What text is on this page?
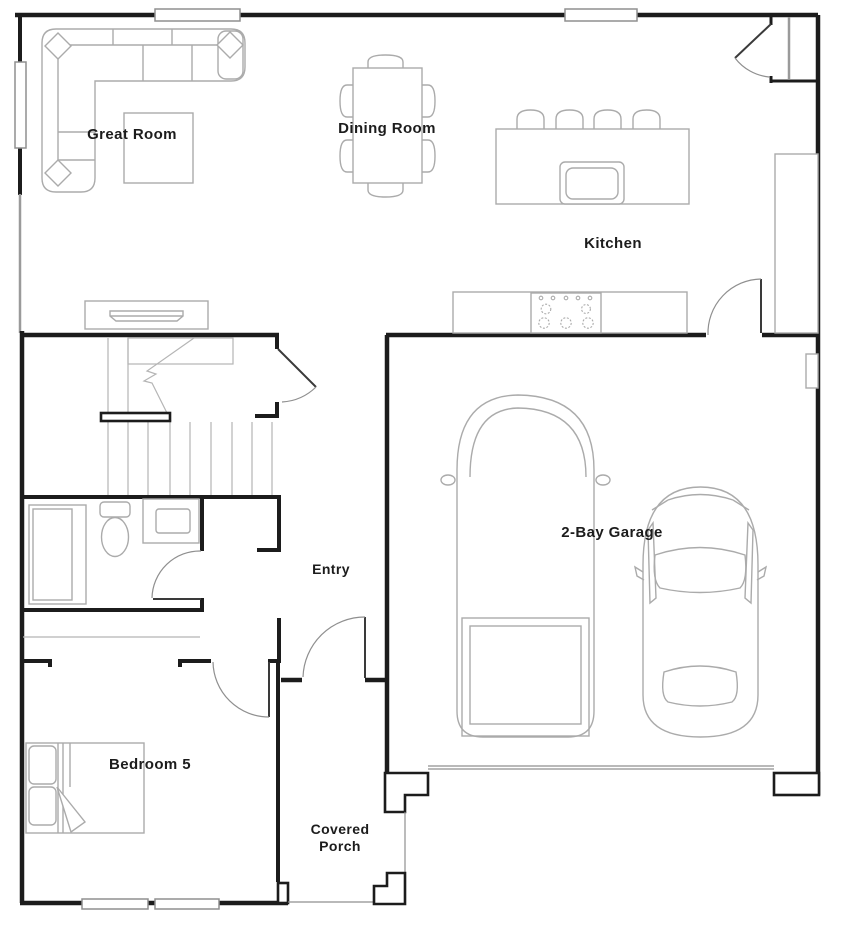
Great Room	Dining Room
Kitchen
Entry
2-Bay Garage
Bedroom 5
Covered
Porch
